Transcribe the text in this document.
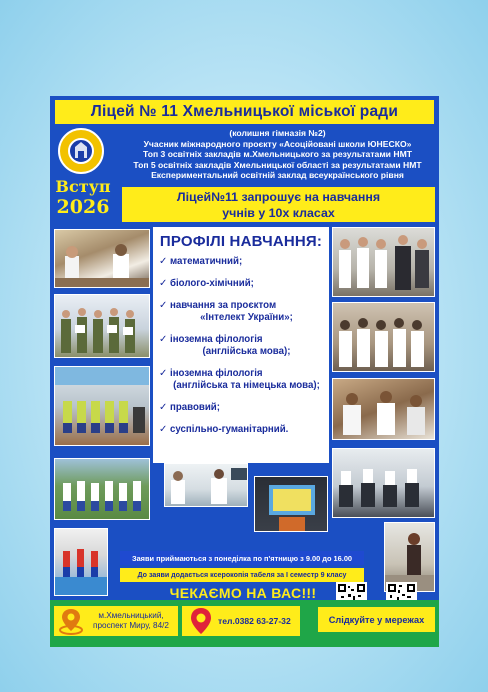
Ліцей № 11 Хмельницької міської ради
Вступ
2026
(колишня гімназія №2)
Учасник міжнародного проєкту «Асоційовані школи ЮНЕСКО»
Топ 3 освітніх закладів м.Хмельницького за результатами НМТ
Топ 5 освітніх закладів Хмельницької області за результатами НМТ
Експериментальний освітній заклад всеукраїнського рівня
Ліцей№11 запрошує на навчання
учнів у 10х класах
ПРОФІЛІ НАВЧАННЯ:
✓ математичний;
✓ біолого-хімічний;
✓ навчання за проєктом
«Інтелект України»;
✓ іноземна філологія
(англійська мова);
✓ іноземна філологія
(англійська та німецька мова);
✓ правовий;
✓ суспільно-гуманітарний.
Заяви приймаються з понеділка по п'ятницю з 9.00 до 16.00
До заяви додається ксерокопія табеля за І семестр 9 класу
ЧЕКАЄМО НА ВАС!!!
м.Хмельницький,
проспект Миру, 84/2	тел.0382 63-27-32	Слідкуйте у мережах
